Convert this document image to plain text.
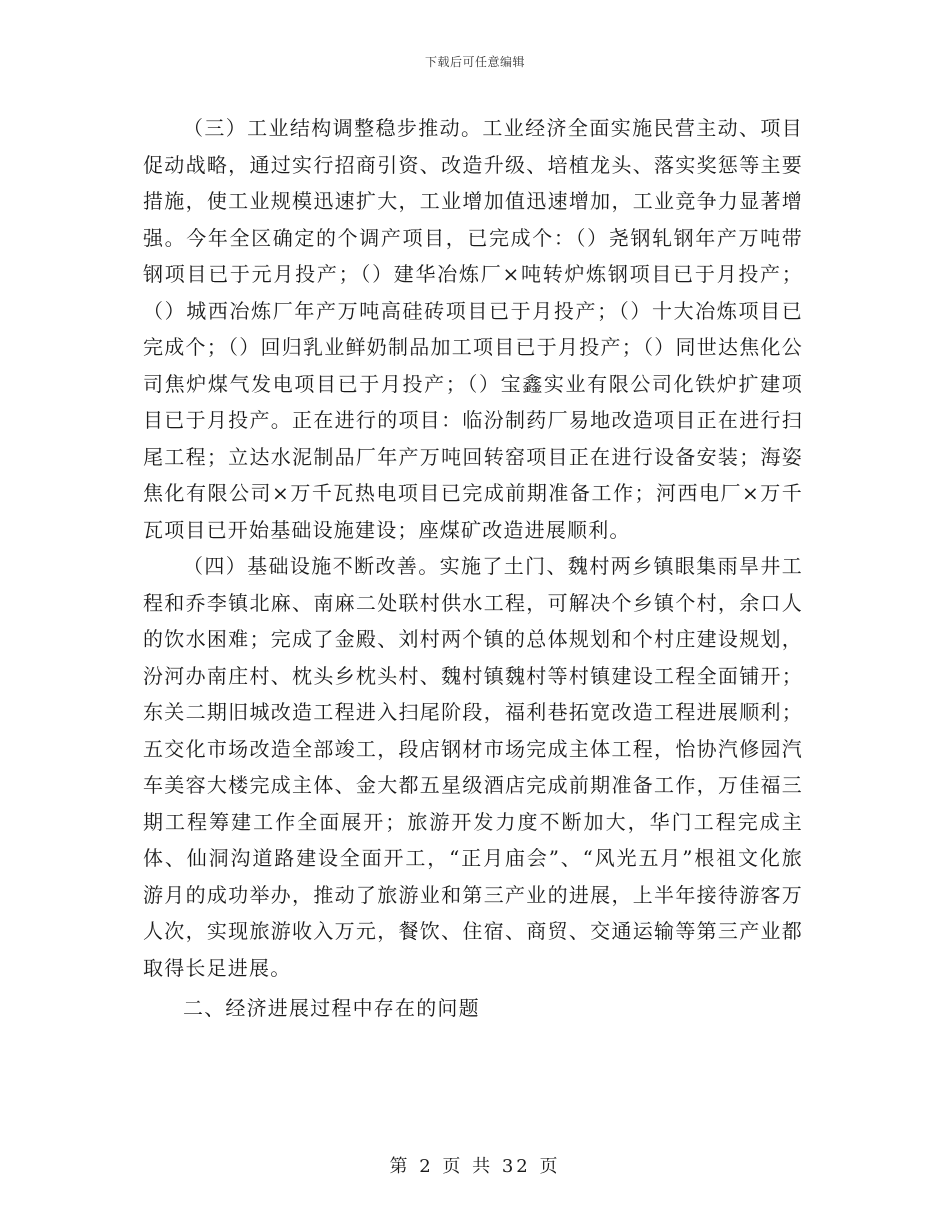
下载后可任意编辑

（三）工业结构调整稳步推动。工业经济全面实施民营主动、项目促动战略，通过实行招商引资、改造升级、培植龙头、落实奖惩等主要措施，使工业规模迅速扩大，工业增加值迅速增加，工业竞争力显著增强。今年全区确定的个调产项目，已完成个：（）尧钢轧钢年产万吨带钢项目已于元月投产；（）建华冶炼厂×吨转炉炼钢项目已于月投产；（）城西冶炼厂年产万吨高硅砖项目已于月投产；（）十大冶炼项目已完成个；（）回归乳业鲜奶制品加工项目已于月投产；（）同世达焦化公司焦炉煤气发电项目已于月投产；（）宝鑫实业有限公司化铁炉扩建项目已于月投产。正在进行的项目：临汾制药厂易地改造项目正在进行扫尾工程；立达水泥制品厂年产万吨回转窑项目正在进行设备安装；海姿焦化有限公司×万千瓦热电项目已完成前期准备工作；河西电厂×万千瓦项目已开始基础设施建设；座煤矿改造进展顺利。

（四）基础设施不断改善。实施了土门、魏村两乡镇眼集雨旱井工程和乔李镇北麻、南麻二处联村供水工程，可解决个乡镇个村，余口人的饮水困难；完成了金殿、刘村两个镇的总体规划和个村庄建设规划，汾河办南庄村、枕头乡枕头村、魏村镇魏村等村镇建设工程全面铺开；东关二期旧城改造工程进入扫尾阶段，福利巷拓宽改造工程进展顺利；五交化市场改造全部竣工，段店钢材市场完成主体工程，怡协汽修园汽车美容大楼完成主体、金大都五星级酒店完成前期准备工作，万佳福三期工程筹建工作全面展开；旅游开发力度不断加大，华门工程完成主体、仙洞沟道路建设全面开工，“正月庙会”、“风光五月”根祖文化旅游月的成功举办，推动了旅游业和第三产业的进展，上半年接待游客万人次，实现旅游收入万元，餐饮、住宿、商贸、交通运输等第三产业都取得长足进展。

二、经济进展过程中存在的问题

第 2 页 共 32 页
